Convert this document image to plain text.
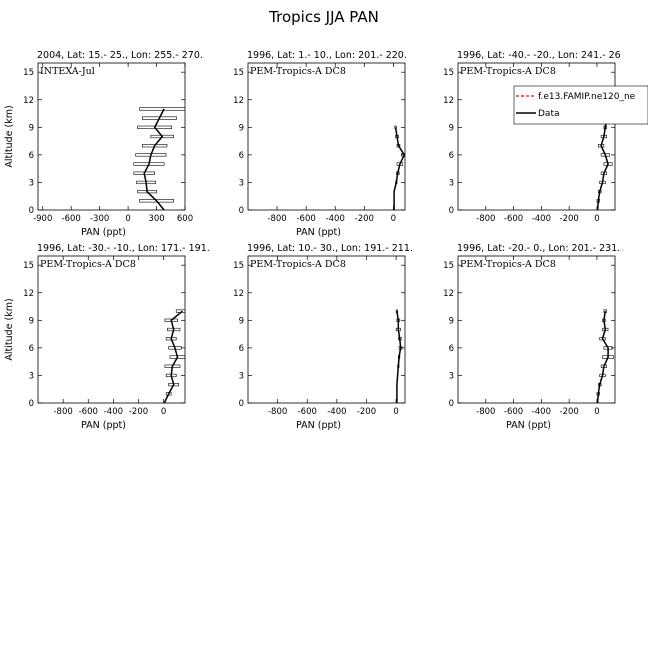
Tropics JJA PAN
2004, Lat: 15.- 25., Lon: 255.- 270.
INTEXA-Jul
-900 -600 -300 0 300 600
0
3
6
9
12
15
PAN (ppt)
Altitude (km)
1996, Lat: 1.- 10., Lon: 201.- 220.
PEM-Tropics-A DC8
-800 -600 -400 -200 0
0
3
6
9
12
15
PAN (ppt)
1996, Lat: -40.- -20., Lon: 241.- 26
PEM-Tropics-A DC8
-800 -600 -400 -200 0
0
3
6
9
12
15
1996, Lat: -30.- -10., Lon: 171.- 191.
PEM-Tropics-A DC8
-800 -600 -400 -200 0
0
3
6
9
12
15
PAN (ppt)
Altitude (km)
1996, Lat: 10.- 30., Lon: 191.- 211.
PEM-Tropics-A DC8
-800 -600 -400 -200 0
0
3
6
9
12
15
PAN (ppt)
1996, Lat: -20.- 0., Lon: 201.- 231.
PEM-Tropics-A DC8
-800 -600 -400 -200 0
0
3
6
9
12
15
PAN (ppt)
f.e13.FAMIP.ne120_ne
Data
